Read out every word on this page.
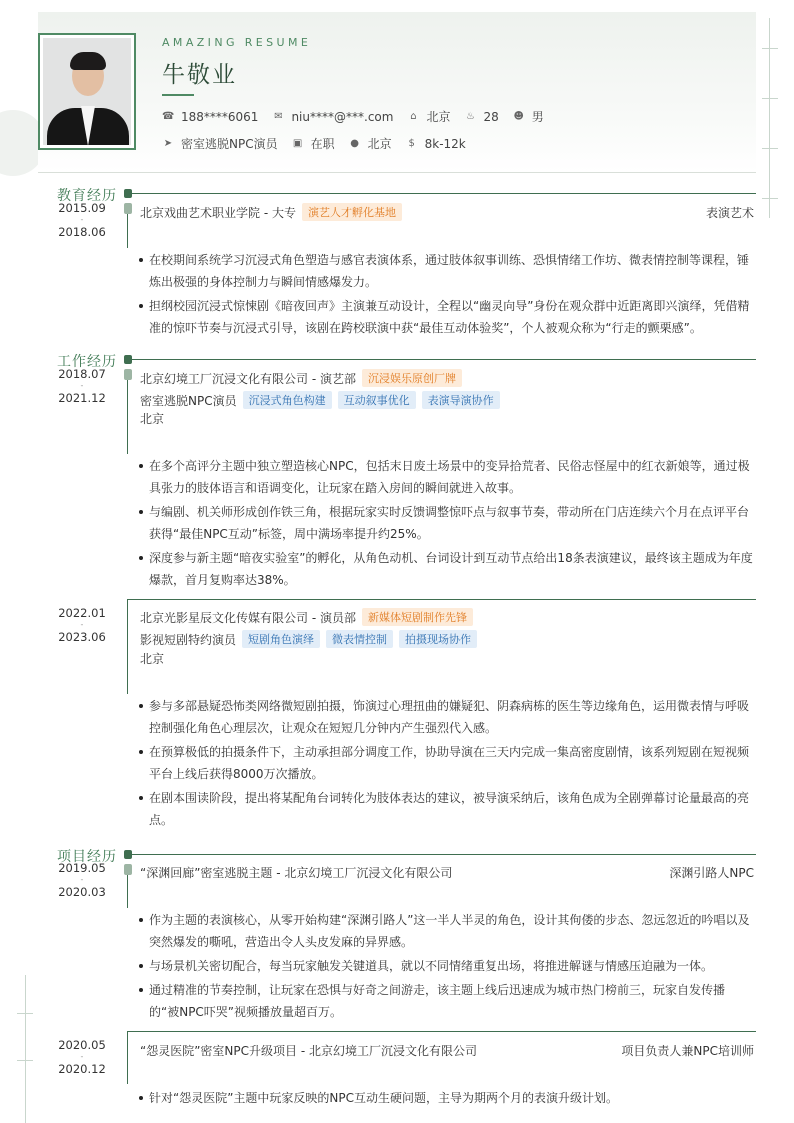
AMAZING RESUME
牛敬业
☎ 188****6061 ✉ niu****@***.com ⌂ 北京 ♨ 28 ☻ 男
➤ 密室逃脱NPC演员 ▣ 在职 ● 北京 $ 8k-12k
教育经历
2015.09
-
2018.06
北京戏曲艺术职业学院 - 大专	演艺人才孵化基地	表演艺术
在校期间系统学习沉浸式角色塑造与感官表演体系，通过肢体叙事训练、恐惧情绪工作坊、微表情控制等课程，锤炼出极强的身体控制力与瞬间情感爆发力。
担纲校园沉浸式惊悚剧《暗夜回声》主演兼互动设计，全程以“幽灵向导”身份在观众群中近距离即兴演绎，凭借精准的惊吓节奏与沉浸式引导，该剧在跨校联演中获“最佳互动体验奖”，个人被观众称为“行走的颤栗感”。
工作经历
2018.07
-
2021.12
北京幻境工厂沉浸文化有限公司 - 演艺部	沉浸娱乐原创厂牌
密室逃脱NPC演员	沉浸式角色构建	互动叙事优化	表演导演协作
北京
在多个高评分主题中独立塑造核心NPC，包括末日废土场景中的变异拾荒者、民俗志怪屋中的红衣新娘等，通过极具张力的肢体语言和语调变化，让玩家在踏入房间的瞬间就进入故事。
与编剧、机关师形成创作铁三角，根据玩家实时反馈调整惊吓点与叙事节奏，带动所在门店连续六个月在点评平台获得“最佳NPC互动”标签，周中满场率提升约25%。
深度参与新主题“暗夜实验室”的孵化，从角色动机、台词设计到互动节点给出18条表演建议，最终该主题成为年度爆款，首月复购率达38%。
2022.01
-
2023.06
北京光影星辰文化传媒有限公司 - 演员部	新媒体短剧制作先锋
影视短剧特约演员	短剧角色演绎	微表情控制	拍摄现场协作
北京
参与多部悬疑恐怖类网络微短剧拍摄，饰演过心理扭曲的嫌疑犯、阴森病栋的医生等边缘角色，运用微表情与呼吸控制强化角色心理层次，让观众在短短几分钟内产生强烈代入感。
在预算极低的拍摄条件下，主动承担部分调度工作，协助导演在三天内完成一集高密度剧情，该系列短剧在短视频平台上线后获得8000万次播放。
在剧本围读阶段，提出将某配角台词转化为肢体表达的建议，被导演采纳后，该角色成为全剧弹幕讨论量最高的亮点。
项目经历
2019.05
-
2020.03
“深渊回廊”密室逃脱主题 - 北京幻境工厂沉浸文化有限公司	深渊引路人NPC
作为主题的表演核心，从零开始构建“深渊引路人”这一半人半灵的角色，设计其佝偻的步态、忽远忽近的吟唱以及突然爆发的嘶吼，营造出令人头皮发麻的异界感。
与场景机关密切配合，每当玩家触发关键道具，就以不同情绪重复出场，将推进解谜与情感压迫融为一体。
通过精准的节奏控制，让玩家在恐惧与好奇之间游走，该主题上线后迅速成为城市热门榜前三，玩家自发传播的“被NPC吓哭”视频播放量超百万。
2020.05
-
2020.12
“怨灵医院”密室NPC升级项目 - 北京幻境工厂沉浸文化有限公司	项目负责人兼NPC培训师
针对“怨灵医院”主题中玩家反映的NPC互动生硬问题，主导为期两个月的表演升级计划。
